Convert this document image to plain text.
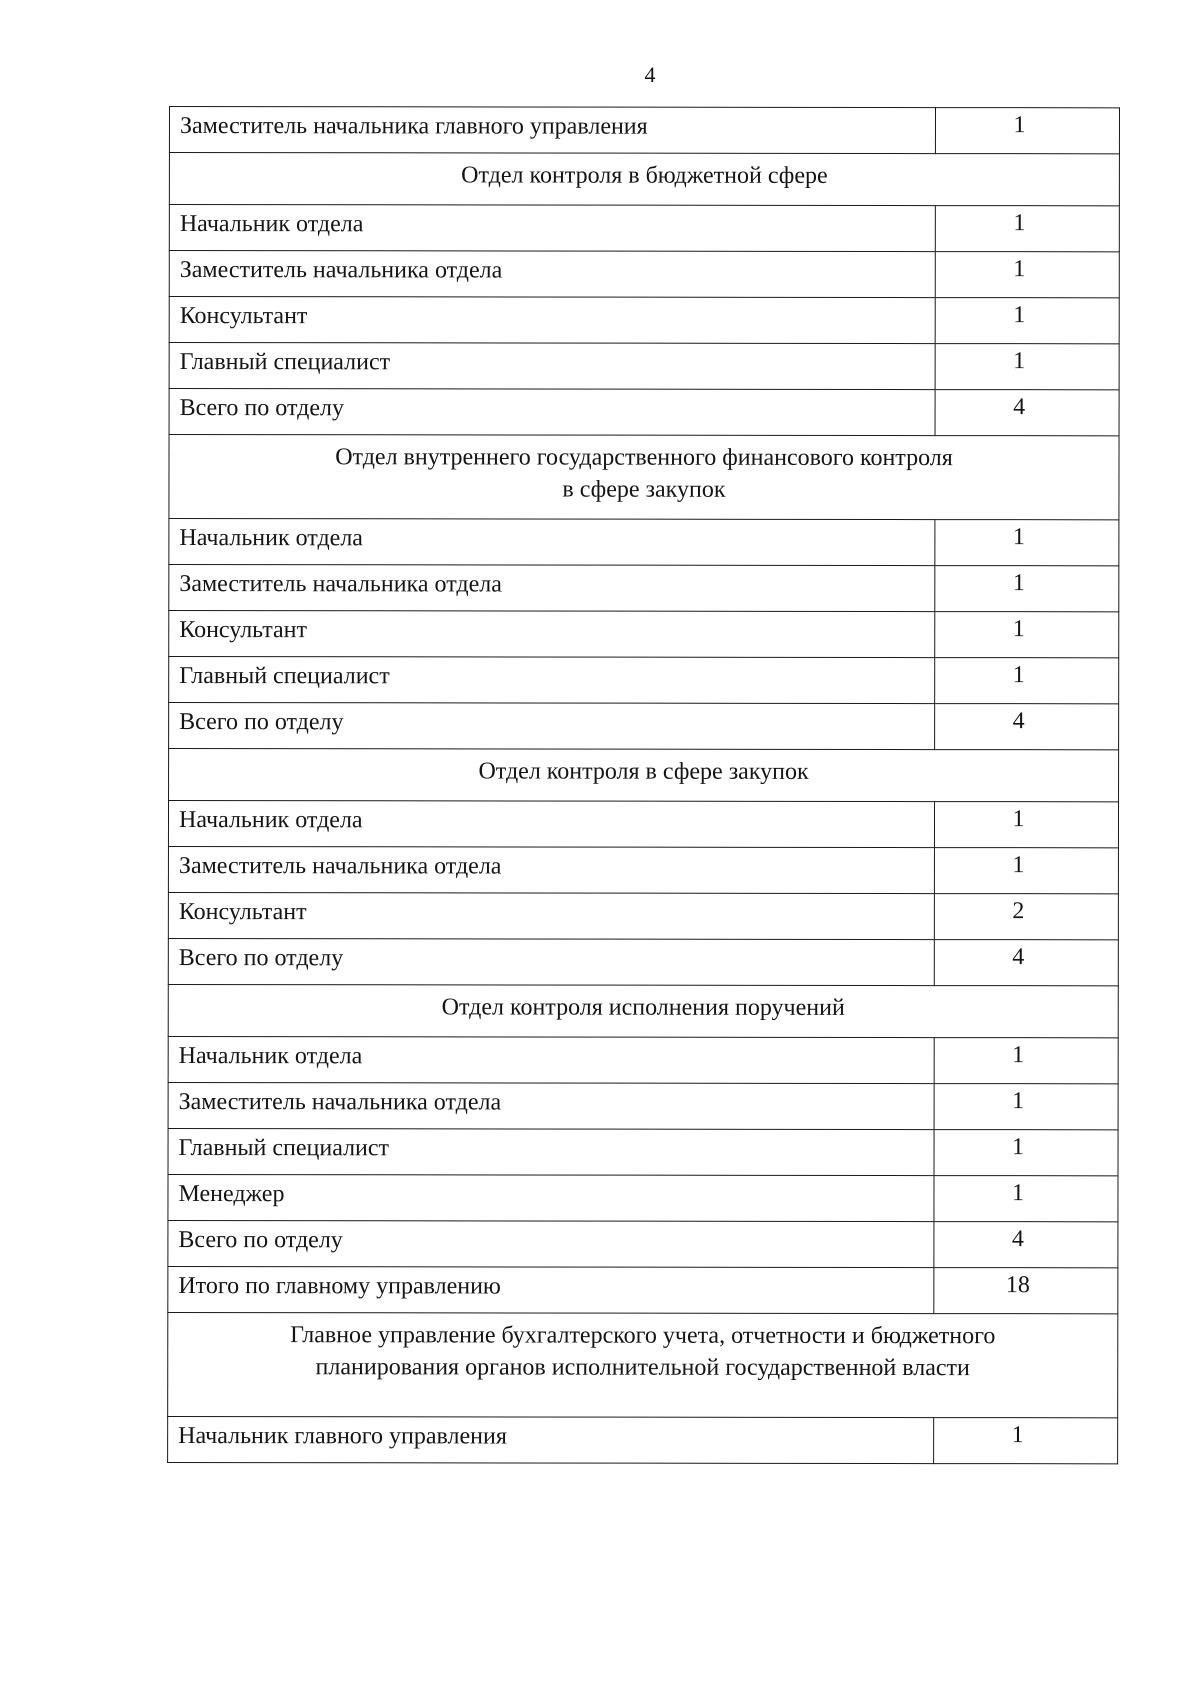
4
Заместитель начальника главного управления	1
Отдел контроля в бюджетной сфере	
Начальник отдела	1
Заместитель начальника отдела	1
Консультант	1
Главный специалист	1
Всего по отделу	4
Отдел внутреннего государственного финансового контроля
в сфере закупок	
Начальник отдела	1
Заместитель начальника отдела	1
Консультант	1
Главный специалист	1
Всего по отделу	4
Отдел контроля в сфере закупок	
Начальник отдела	1
Заместитель начальника отдела	1
Консультант	2
Всего по отделу	4
Отдел контроля исполнения поручений	
Начальник отдела	1
Заместитель начальника отдела	1
Главный специалист	1
Менеджер	1
Всего по отделу	4
Итого по главному управлению	18
Главное управление бухгалтерского учета, отчетности и бюджетного
планирования органов исполнительной государственной власти	
Начальник главного управления	1
